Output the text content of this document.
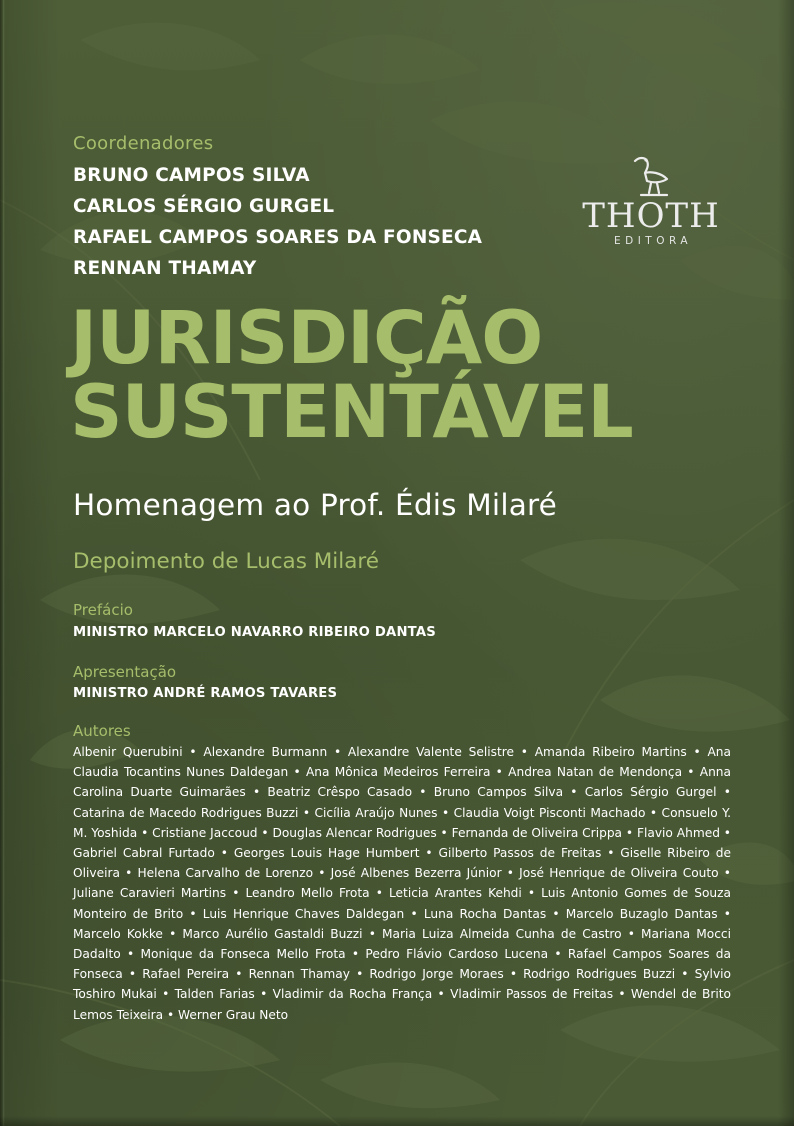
Coordenadores
BRUNO CAMPOS SILVA
CARLOS SÉRGIO GURGEL
RAFAEL CAMPOS SOARES DA FONSECA
RENNAN THAMAY
THOTH
EDITORA
JURISDIÇÃO
SUSTENTÁVEL
Homenagem ao Prof. Édis Milaré
Depoimento de Lucas Milaré
Prefácio
MINISTRO MARCELO NAVARRO RIBEIRO DANTAS
Apresentação
MINISTRO ANDRÉ RAMOS TAVARES
Autores
Albenir Querubini • Alexandre Burmann • Alexandre Valente Selistre • Amanda Ribeiro Martins • Ana Claudia Tocantins Nunes Daldegan • Ana Mônica Medeiros Ferreira • Andrea Natan de Mendonça • Anna Carolina Duarte Guimarães • Beatriz Crêspo Casado • Bruno Campos Silva • Carlos Sérgio Gurgel • Catarina de Macedo Rodrigues Buzzi • Cicília Araújo Nunes • Claudia Voigt Pisconti Machado • Consuelo Y. M. Yoshida • Cristiane Jaccoud • Douglas Alencar Rodrigues • Fernanda de Oliveira Crippa • Flavio Ahmed • Gabriel Cabral Furtado • Georges Louis Hage Humbert • Gilberto Passos de Freitas • Giselle Ribeiro de Oliveira • Helena Carvalho de Lorenzo • José Albenes Bezerra Júnior • José Henrique de Oliveira Couto • Juliane Caravieri Martins • Leandro Mello Frota • Leticia Arantes Kehdi • Luis Antonio Gomes de Souza Monteiro de Brito • Luis Henrique Chaves Daldegan • Luna Rocha Dantas • Marcelo Buzaglo Dantas • Marcelo Kokke • Marco Aurélio Gastaldi Buzzi • Maria Luiza Almeida Cunha de Castro • Mariana Mocci Dadalto • Monique da Fonseca Mello Frota • Pedro Flávio Cardoso Lucena • Rafael Campos Soares da Fonseca • Rafael Pereira • Rennan Thamay • Rodrigo Jorge Moraes • Rodrigo Rodrigues Buzzi • Sylvio Toshiro Mukai • Talden Farias • Vladimir da Rocha França • Vladimir Passos de Freitas • Wendel de Brito Lemos Teixeira • Werner Grau Neto
